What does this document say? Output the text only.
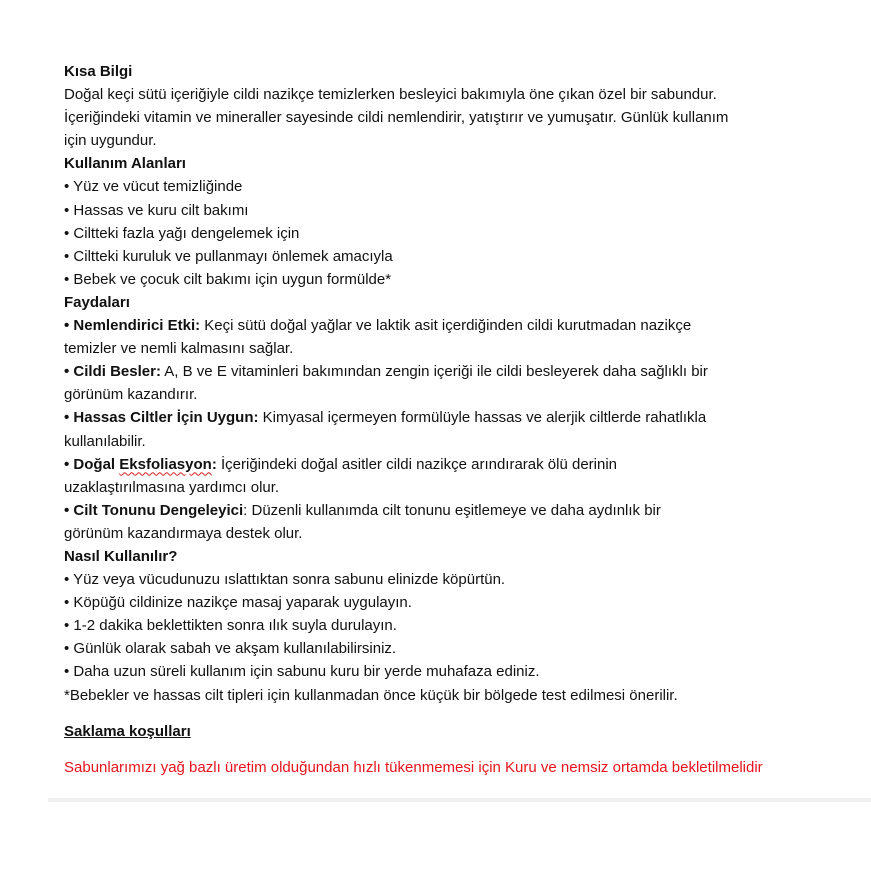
Kısa Bilgi
Doğal keçi sütü içeriğiyle cildi nazikçe temizlerken besleyici bakımıyla öne çıkan özel bir sabundur.
İçeriğindeki vitamin ve mineraller sayesinde cildi nemlendirir, yatıştırır ve yumuşatır. Günlük kullanım
için uygundur.
Kullanım Alanları
• Yüz ve vücut temizliğinde
• Hassas ve kuru cilt bakımı
• Ciltteki fazla yağı dengelemek için
• Ciltteki kuruluk ve pullanmayı önlemek amacıyla
• Bebek ve çocuk cilt bakımı için uygun formülde*
Faydaları
• Nemlendirici Etki: Keçi sütü doğal yağlar ve laktik asit içerdiğinden cildi kurutmadan nazikçe
temizler ve nemli kalmasını sağlar.
• Cildi Besler: A, B ve E vitaminleri bakımından zengin içeriği ile cildi besleyerek daha sağlıklı bir
görünüm kazandırır.
• Hassas Ciltler İçin Uygun: Kimyasal içermeyen formülüyle hassas ve alerjik ciltlerde rahatlıkla
kullanılabilir.
• Doğal Eksfoliasyon: İçeriğindeki doğal asitler cildi nazikçe arındırarak ölü derinin
uzaklaştırılmasına yardımcı olur.
• Cilt Tonunu Dengeleyici: Düzenli kullanımda cilt tonunu eşitlemeye ve daha aydınlık bir
görünüm kazandırmaya destek olur.
Nasıl Kullanılır?
• Yüz veya vücudunuzu ıslattıktan sonra sabunu elinizde köpürtün.
• Köpüğü cildinize nazikçe masaj yaparak uygulayın.
• 1-2 dakika beklettikten sonra ılık suyla durulayın.
• Günlük olarak sabah ve akşam kullanılabilirsiniz.
• Daha uzun süreli kullanım için sabunu kuru bir yerde muhafaza ediniz.
*Bebekler ve hassas cilt tipleri için kullanmadan önce küçük bir bölgede test edilmesi önerilir.
Saklama koşulları
Sabunlarımızı yağ bazlı üretim olduğundan hızlı tükenmemesi için Kuru ve nemsiz ortamda bekletilmelidir
